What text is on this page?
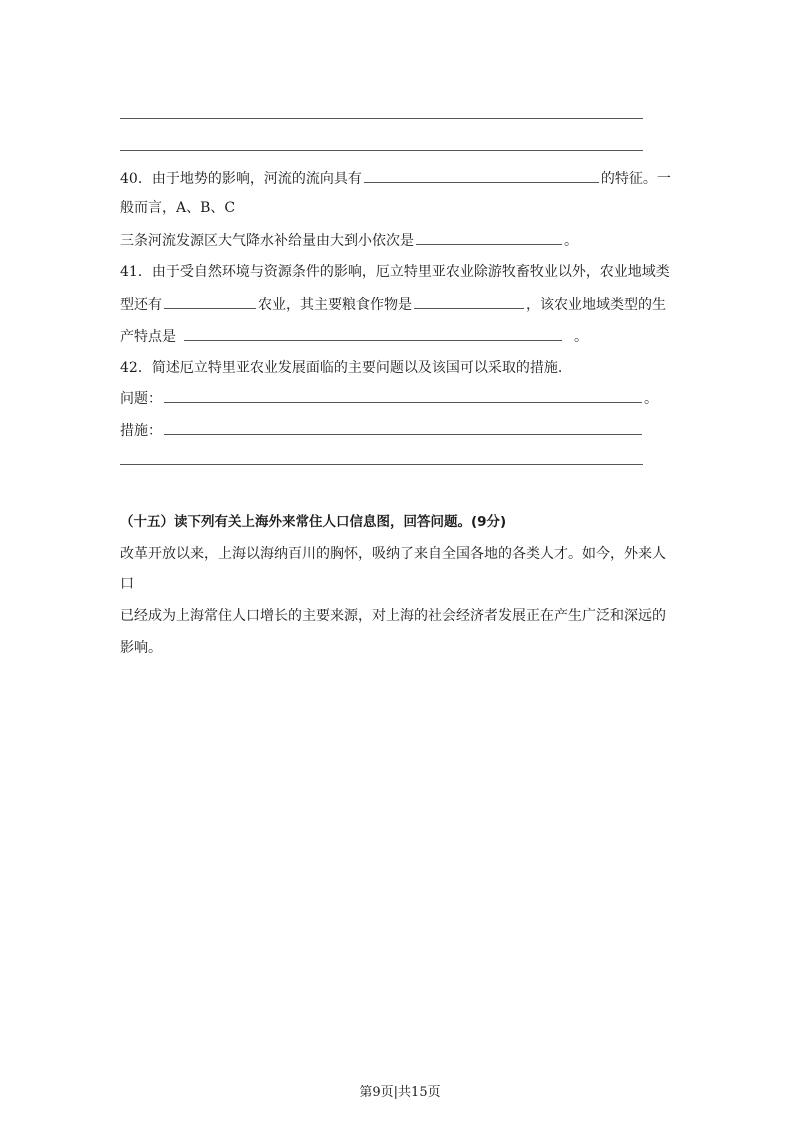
40．由于地势的影响，河流的流向具有	的特征。一
般而言，A、B、C
三条河流发源区大气降水补给量由大到小依次是	。
41．由于受自然环境与资源条件的影响，厄立特里亚农业除游牧畜牧业以外，农业地域类
型还有	农业，其主要粮食作物是	，该农业地域类型的生
产特点是	。
42．简述厄立特里亚农业发展面临的主要问题以及该国可以采取的措施.
问题：	。
措施：
（十五）读下列有关上海外来常住人口信息图，回答问题。(9分)
改革开放以来，上海以海纳百川的胸怀，吸纳了来自全国各地的各类人才。如今，外来人
口
已经成为上海常住人口增长的主要来源，对上海的社会经济者发展正在产生广泛和深远的
影响。
第9页|共15页
